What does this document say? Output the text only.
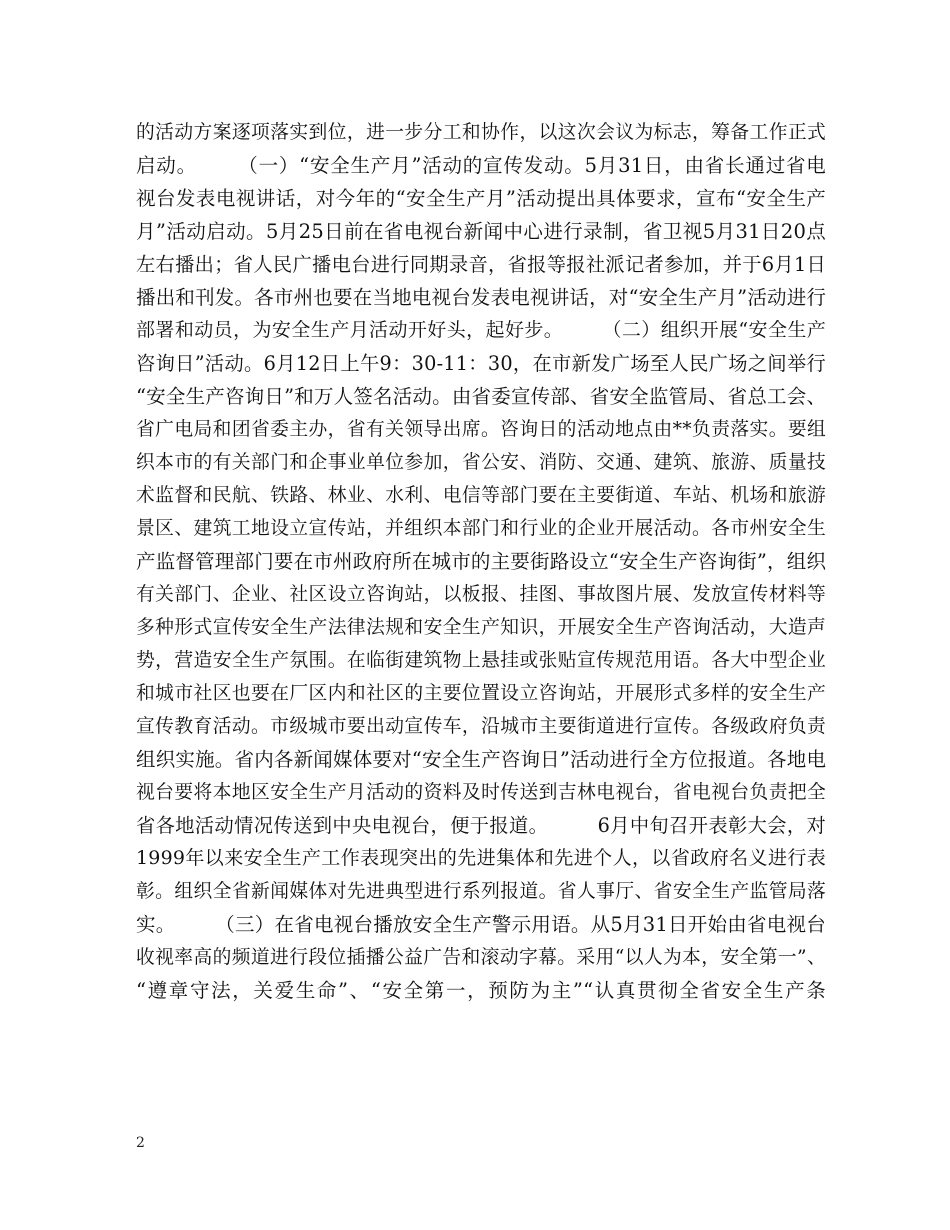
的活动方案逐项落实到位，进一步分工和协作，以这次会议为标志，筹备工作正式
启动。　　　（一）“安全生产月”活动的宣传发动。5月31日，由省长通过省电
视台发表电视讲话，对今年的“安全生产月”活动提出具体要求，宣布“安全生产
月”活动启动。5月25日前在省电视台新闻中心进行录制，省卫视5月31日20点
左右播出；省人民广播电台进行同期录音，省报等报社派记者参加，并于6月1日
播出和刊发。各市州也要在当地电视台发表电视讲话，对“安全生产月”活动进行
部署和动员，为安全生产月活动开好头，起好步。　　　（二）组织开展“安全生产
咨询日”活动。6月12日上午9：30-11：30，在市新发广场至人民广场之间举行
“安全生产咨询日”和万人签名活动。由省委宣传部、省安全监管局、省总工会、
省广电局和团省委主办，省有关领导出席。咨询日的活动地点由**负责落实。要组
织本市的有关部门和企事业单位参加，省公安、消防、交通、建筑、旅游、质量技
术监督和民航、铁路、林业、水利、电信等部门要在主要街道、车站、机场和旅游
景区、建筑工地设立宣传站，并组织本部门和行业的企业开展活动。各市州安全生
产监督管理部门要在市州政府所在城市的主要街路设立“安全生产咨询街”，组织
有关部门、企业、社区设立咨询站，以板报、挂图、事故图片展、发放宣传材料等
多种形式宣传安全生产法律法规和安全生产知识，开展安全生产咨询活动，大造声
势，营造安全生产氛围。在临街建筑物上悬挂或张贴宣传规范用语。各大中型企业
和城市社区也要在厂区内和社区的主要位置设立咨询站，开展形式多样的安全生产
宣传教育活动。市级城市要出动宣传车，沿城市主要街道进行宣传。各级政府负责
组织实施。省内各新闻媒体要对“安全生产咨询日”活动进行全方位报道。各地电
视台要将本地区安全生产月活动的资料及时传送到吉林电视台，省电视台负责把全
省各地活动情况传送到中央电视台，便于报道。　　　6月中旬召开表彰大会，对
1999年以来安全生产工作表现突出的先进集体和先进个人，以省政府名义进行表
彰。组织全省新闻媒体对先进典型进行系列报道。省人事厅、省安全生产监管局落
实。　　　（三）在省电视台播放安全生产警示用语。从5月31日开始由省电视台
收视率高的频道进行段位插播公益广告和滚动字幕。采用“以人为本，安全第一”、
“遵章守法，关爱生命”、“安全第一，预防为主”“认真贯彻全省安全生产条
2
